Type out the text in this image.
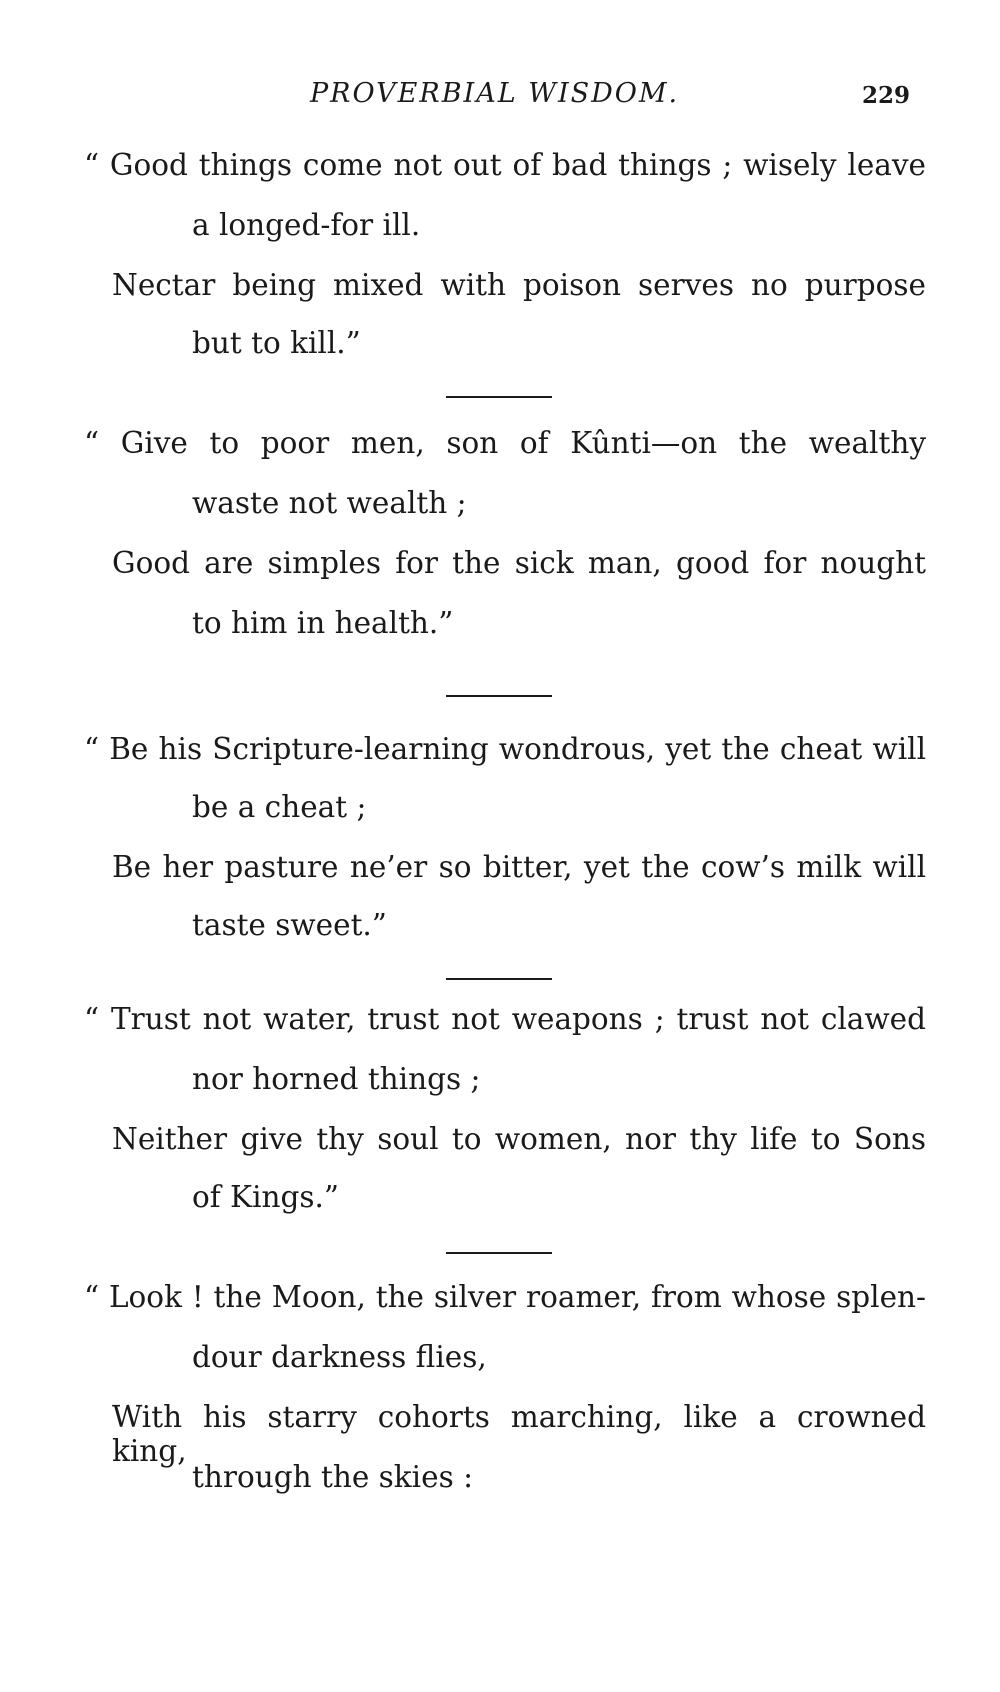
PROVERBIAL WISDOM.	229
“ Good things come not out of bad things ; wisely leave
a longed-for ill.
Nectar being mixed with poison serves no purpose
but to kill.”
“ Give to poor men, son of Kûnti—on the wealthy
waste not wealth ;
Good are simples for the sick man, good for nought
to him in health.”
“ Be his Scripture-learning wondrous, yet the cheat will
be a cheat ;
Be her pasture ne’er so bitter, yet the cow’s milk will
taste sweet.”
“ Trust not water, trust not weapons ; trust not clawed
nor horned things ;
Neither give thy soul to women, nor thy life to Sons
of Kings.”
“ Look ! the Moon, the silver roamer, from whose splen-
dour darkness flies,
With his starry cohorts marching, like a crowned king,
through the skies :
